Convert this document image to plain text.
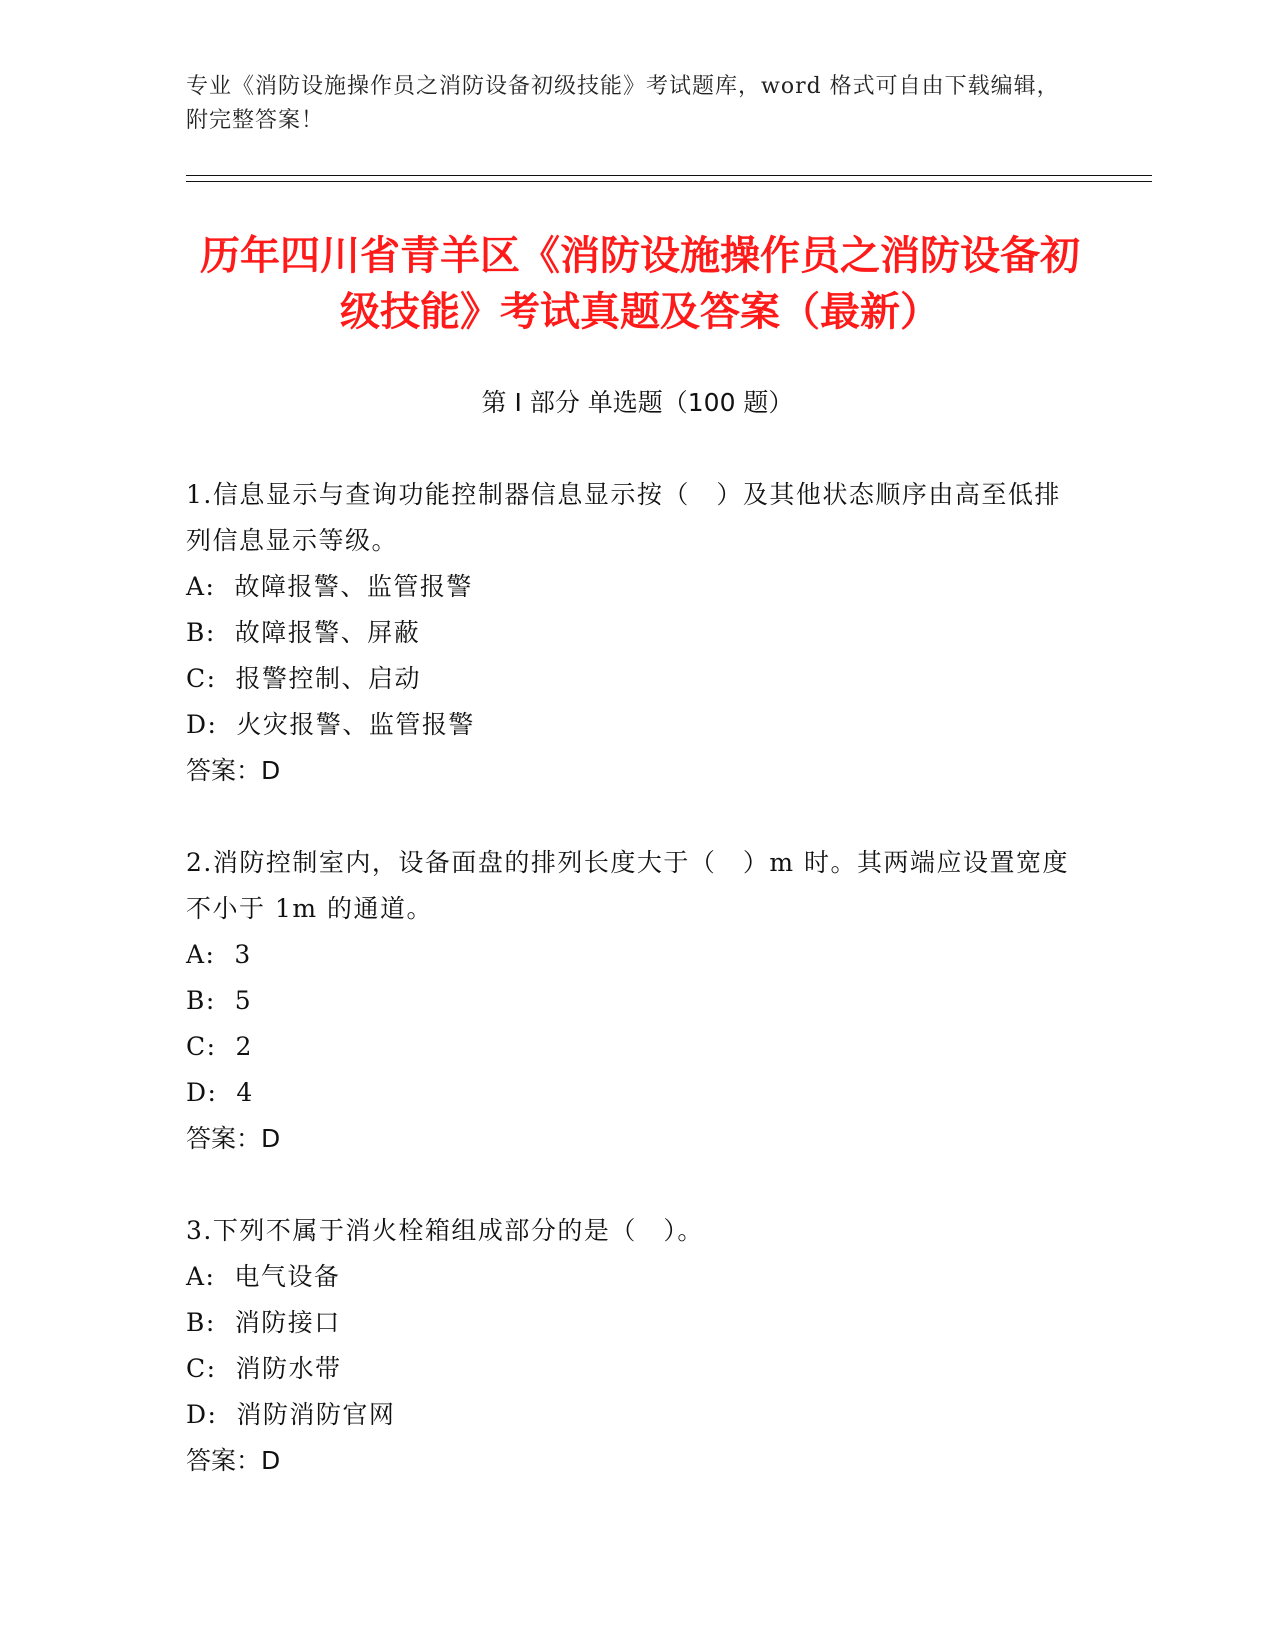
专业《消防设施操作员之消防设备初级技能》考试题库，word 格式可自由下载编辑，附完整答案！
历年四川省青羊区《消防设施操作员之消防设备初级技能》考试真题及答案（最新）
第 I 部分 单选题（100 题）

1.信息显示与查询功能控制器信息显示按（　）及其他状态顺序由高至低排列信息显示等级。

A:  故障报警、监管报警

B:  故障报警、屏蔽

C:  报警控制、启动

D:  火灾报警、监管报警

答案：D

2.消防控制室内，设备面盘的排列长度大于（　）m 时。其两端应设置宽度不小于 1m 的通道。

A:  3

B:  5

C:  2

D:  4

答案：D

3.下列不属于消火栓箱组成部分的是（　）。

A:  电气设备

B:  消防接口

C:  消防水带

D:  消防消防官网

答案：D
